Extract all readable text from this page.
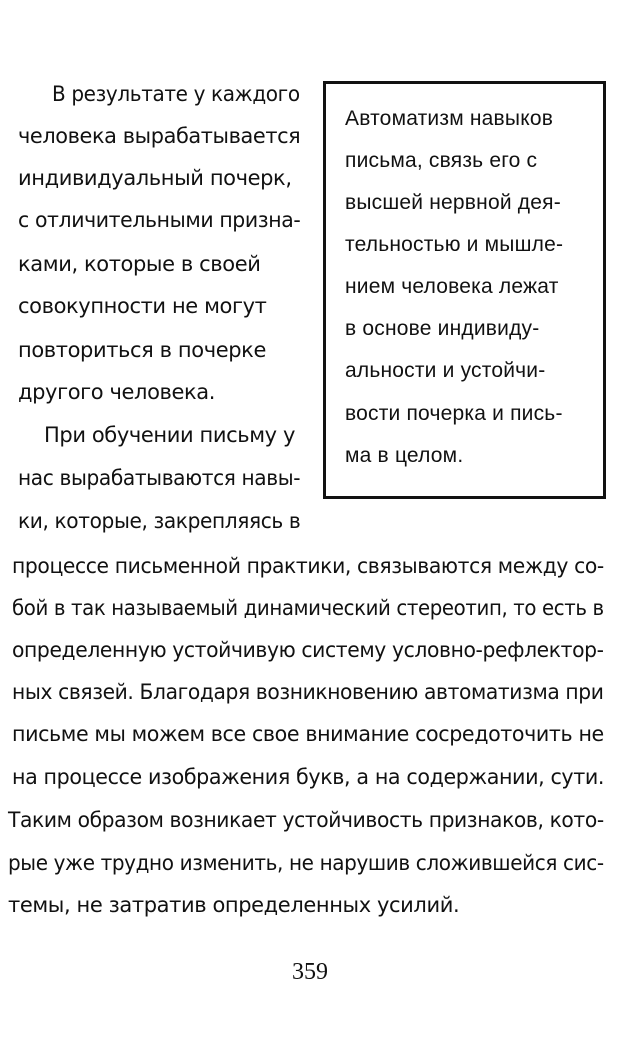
В результате у каждого
человека вырабатывается
индивидуальный почерк,
с отличительными призна-
ками, которые в своей
совокупности не могут
повториться в почерке
другого человека.
При обучении письму у
нас вырабатываются навы-
ки, которые, закрепляясь в
Автоматизм навыков
письма, связь его с
высшей нервной дея-
тельностью и мышле-
нием человека лежат
в основе индивиду-
альности и устойчи-
вости почерка и пись-
ма в целом.
процессе письменной практики, связываются между со-
бой в так называемый динамический стереотип, то есть в
определенную устойчивую систему условно-рефлектор-
ных связей. Благодаря возникновению автоматизма при
письме мы можем все свое внимание сосредоточить не
на процессе изображения букв, а на содержании, сути.
Таким образом возникает устойчивость признаков, кото-
рые уже трудно изменить, не нарушив сложившейся сис-
темы, не затратив определенных усилий.
359
